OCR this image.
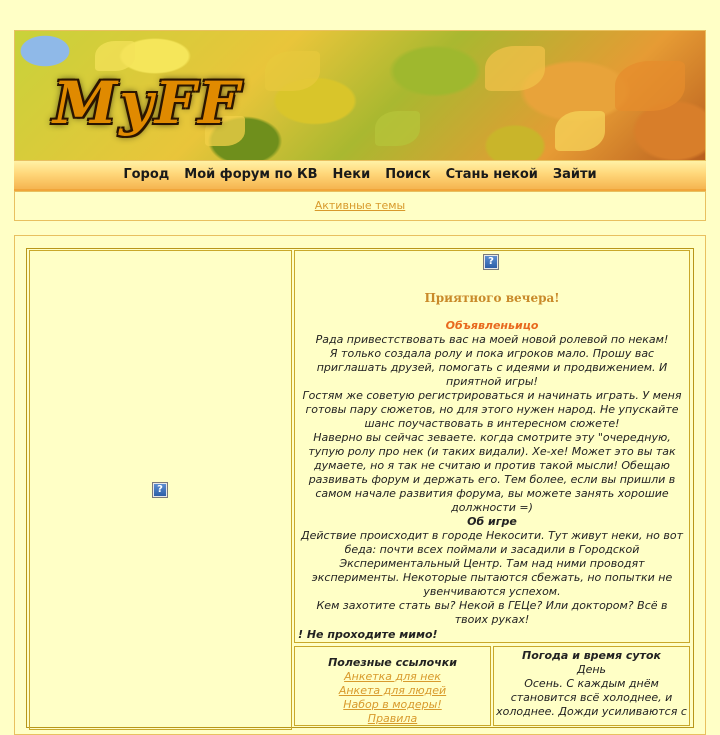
MyFF
Город	Мой форум по КВ	Неки	Поиск	Стань некой	Зайти
Активные темы
?
?
Приятного вечера!

Объявленьицо

Рада привестствовать вас на моей новой ролевой по некам!

Я только создала ролу и пока игроков мало. Прошу вас приглашать друзей, помогать с идеями и продвижением. И приятной игры!

Гостям же советую регистрироваться и начинать играть. У меня готовы пару сюжетов, но для этого нужен народ. Не упускайте шанс поучаствовать в интересном сюжете!

Наверно вы сейчас зеваете. когда смотрите эту "очередную, тупую ролу про нек (и таких видали). Хе-хе! Может это вы так думаете, но я так не считаю и против такой мысли! Обещаю развивать форум и держать его. Тем более, если вы пришли в самом начале развития форума, вы можете занять хорошие должности =)

Об игре

Действие происходит в городе Некосити. Тут живут неки, но вот беда: почти всех поймали и засадили в Городской Экспериментальный Центр. Там над ними проводят эксперименты. Некоторые пытаются сбежать, но попытки не увенчиваются успехом.

Кем захотите стать вы? Некой в ГЕЦе? Или доктором? Всё в твоих руках!

! Не проходите мимо!
Полезные ссылочки
Анкетка для нек
Анкета для людей
Набор в модеры!
Правила
Погода и время суток
День
Осень. С каждым днём становится всё холоднее, и холоднее. Дожди усиливаются с
